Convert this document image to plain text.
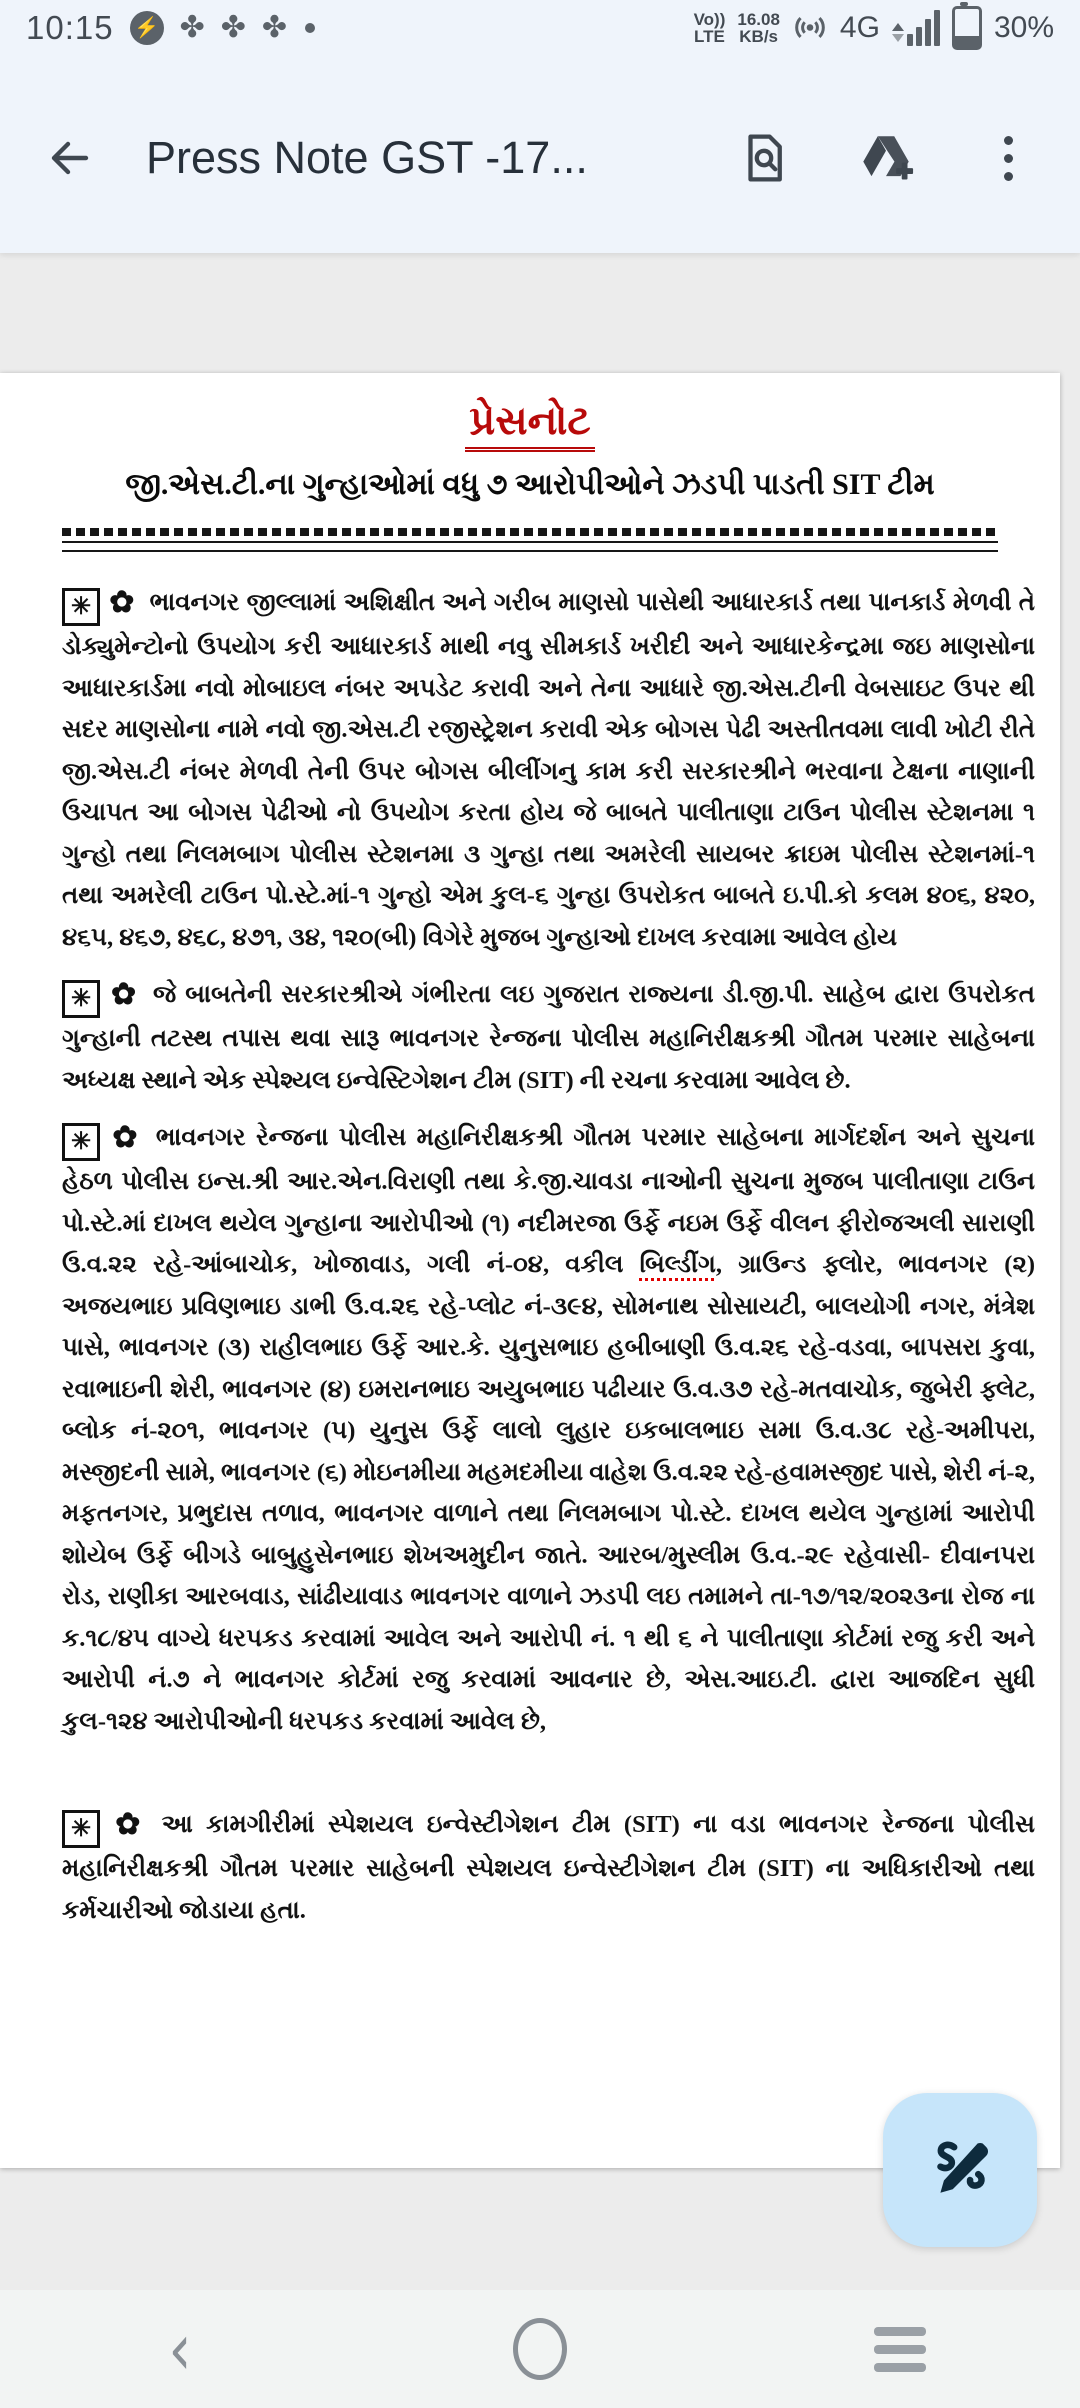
10:15 ⚡ ✤ ✤ ✤	Vo))
LTE
16.08
KB/s 4G	30%
Press Note GST -17...
પ્રેસનોટ
જી.એસ.ટી.ના ગુન્હાઓમાં વધુ ૭ આરોપીઓને ઝડપી પાડતી SIT ટીમ
✳ ✿ ભાવનગર જીલ્લામાં અશિક્ષીત અને ગરીબ માણસો પાસેથી આધારકાર્ડ તથા પાનકાર્ડ મેળવી તે ડોક્યુમેન્ટોનો ઉપયોગ કરી આધારકાર્ડ માથી નવુ સીમકાર્ડ ખરીદી અને આધારકેન્દ્રમા જઇ માણસોના આધારકાર્ડમા નવો મોબાઇલ નંબર અપડેટ કરાવી અને તેના આધારે જી.એસ.ટીની વેબસાઇટ ઉપર થી સદર માણસોના નામે નવો જી.એસ.ટી રજીસ્ટ્રેશન કરાવી એક બોગસ પેઢી અસ્તીતવમા લાવી ખોટી રીતે જી.એસ.ટી નંબર મેળવી તેની ઉપર બોગસ બીલીંગનુ કામ કરી સરકારશ્રીને ભરવાના ટેક્ષના નાણાની ઉચાપત આ બોગસ પેઢીઓ નો ઉપયોગ કરતા હોય જે બાબતે પાલીતાણા ટાઉન પોલીસ સ્ટેશનમા ૧ ગુન્હો તથા નિલમબાગ પોલીસ સ્ટેશનમા ૩ ગુન્હા તથા અમરેલી સાયબર ક્રાઇમ પોલીસ સ્ટેશનમાં-૧ તથા અમરેલી ટાઉન પો.સ્ટે.માં-૧ ગુન્હો એમ કુલ-૬ ગુન્હા ઉપરોકત બાબતે ઇ.પી.કો કલમ ૪૦૬, ૪૨૦, ૪૬૫, ૪૬૭, ૪૬૮, ૪૭૧, ૩૪, ૧૨૦(બી) વિગેરે મુજબ ગુન્હાઓ દાખલ કરવામા આવેલ હોય
✳ ✿ જે બાબતેની સરકારશ્રીએ ગંભીરતા લઇ ગુજરાત રાજ્યના ડી.જી.પી. સાહેબ દ્વારા ઉપરોકત ગુન્હાની તટસ્થ તપાસ થવા સારૂ ભાવનગર રેન્જના પોલીસ મહાનિરીક્ષકશ્રી ગૌતમ પરમાર સાહેબના અધ્યક્ષ સ્થાને એક સ્પેશ્યલ ઇન્વેસ્ટિગેશન ટીમ (SIT) ની રચના કરવામા આવેલ છે.
✳ ✿ ભાવનગર રેન્જના પોલીસ મહાનિરીક્ષકશ્રી ગૌતમ પરમાર સાહેબના માર્ગદર્શન અને સુચના હેઠળ પોલીસ ઇન્સ.શ્રી આર.એન.વિરાણી તથા કે.જી.ચાવડા નાઓની સુચના મુજબ પાલીતાણા ટાઉન પો.સ્ટે.માં દાખલ થયેલ ગુન્હાના આરોપીઓ (૧) નદીમરજા ઉર્ફે નઇમ ઉર્ફે વીલન ફીરોજઅલી સારાણી ઉ.વ.૨૨ રહે-આંબાચોક, ખોજાવાડ, ગલી નં-૦૪, વકીલ બિલ્ડીંગ, ગ્રાઉન્ડ ફ્લોર, ભાવનગર (૨) અજયભાઇ પ્રવિણભાઇ ડાભી ઉ.વ.૨૬ રહે-પ્લોટ નં-૩૯૪, સોમનાથ સોસાયટી, બાલયોગી નગર, મંત્રેશ પાસે, ભાવનગર (૩) રાહીલભાઇ ઉર્ફે આર.કે. યુનુસભાઇ હબીબાણી ઉ.વ.૨૬ રહે-વડવા, બાપસરા કુવા, રવાભાઇની શેરી, ભાવનગર (૪) ઇમરાનભાઇ અયુબભાઇ પઢીયાર ઉ.વ.૩૭ રહે-મતવાચોક, જુબેરી ફ્લેટ, બ્લોક નં-૨૦૧, ભાવનગર (૫) યુનુસ ઉર્ફે લાલો લુહાર ઇકબાલભાઇ સમા ઉ.વ.૩૮ રહે-અમીપરા, મસ્જીદની સામે, ભાવનગર (૬) મોઇનમીયા મહમદમીયા વાહેશ ઉ.વ.૨૨ રહે-હવામસ્જીદ પાસે, શેરી નં-૨, મફતનગર, પ્રભુદાસ તળાવ, ભાવનગર વાળાને તથા નિલમબાગ પો.સ્ટે. દાખલ થયેલ ગુન્હામાં આરોપી શોયેબ ઉર્ફે બીગડે બાબુહુસેનભાઇ શેખઅમુદીન જાતે. આરબ/મુસ્લીમ ઉ.વ.-૨૯ રહેવાસી- દીવાનપરા રોડ, રાણીકા આરબવાડ, સાંઢીયાવાડ ભાવનગર વાળાને ઝડપી લઇ તમામને તા-૧૭/૧૨/૨૦૨૩ના રોજ ના ક.૧૮/૪૫ વાગ્યે ધરપકડ કરવામાં આવેલ અને આરોપી નં. ૧ થી ૬ ને પાલીતાણા કોર્ટમાં રજુ કરી અને આરોપી નં.૭ ને ભાવનગર કોર્ટમાં રજુ કરવામાં આવનાર છે, એસ.આઇ.ટી. દ્વારા આજદિન સુધી કુલ-૧૨૪ આરોપીઓની ધરપકડ કરવામાં આવેલ છે,
✳ ✿ આ કામગીરીમાં સ્પેશયલ ઇન્વેસ્ટીગેશન ટીમ (SIT) ના વડા ભાવનગર રેન્જના પોલીસ મહાનિરીક્ષકશ્રી ગૌતમ પરમાર સાહેબની સ્પેશયલ ઇન્વેસ્ટીગેશન ટીમ (SIT) ના અધિકારીઓ તથા કર્મચારીઓ જોડાયા હતા.
‹
